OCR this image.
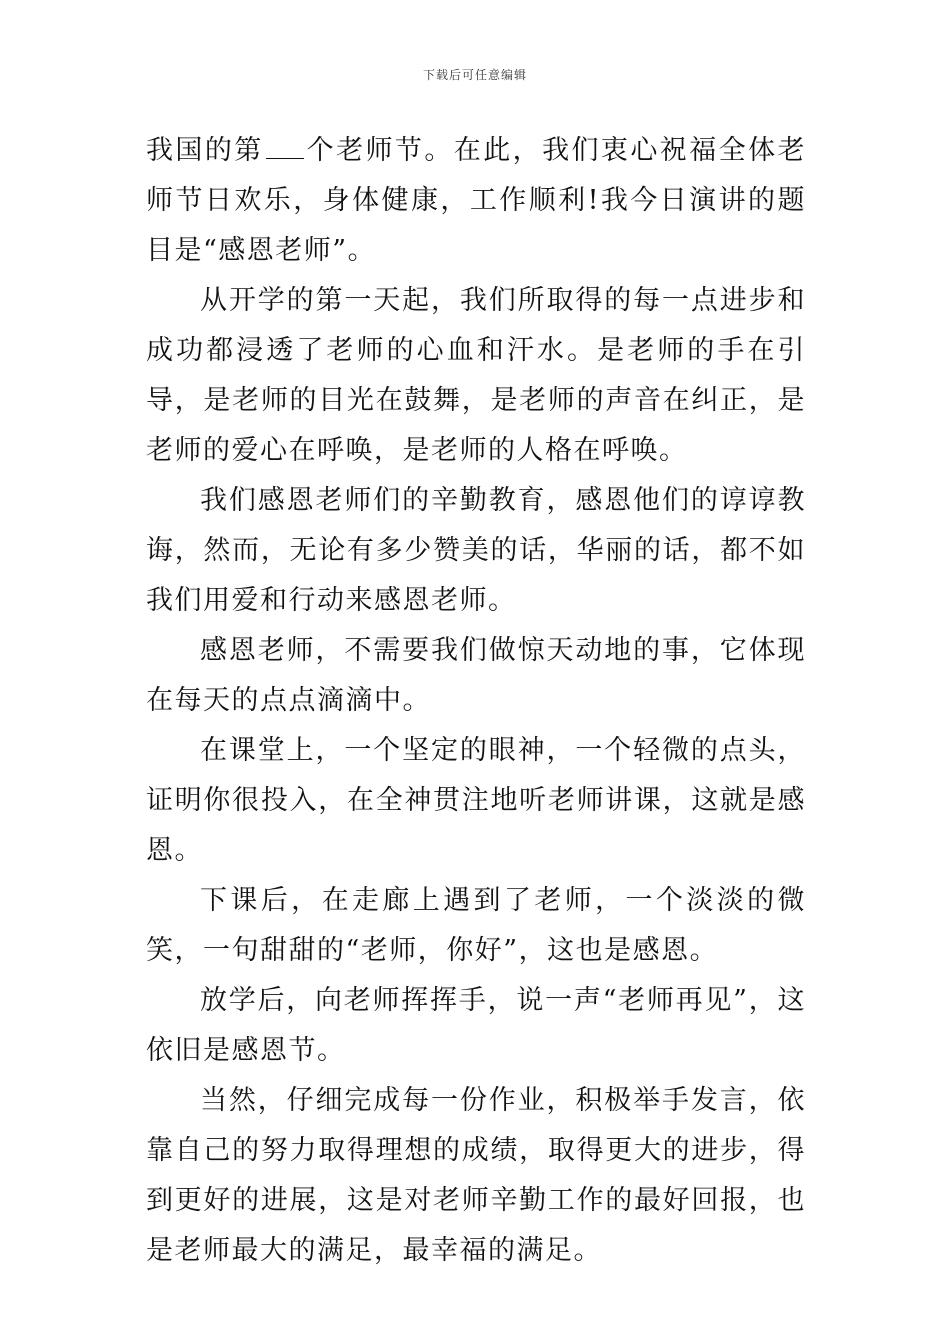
下载后可任意编辑

我国的第 个老师节。在此，我们衷心祝福全体老师节日欢乐，身体健康，工作顺利!我今日演讲的题目是“感恩老师”。

从开学的第一天起，我们所取得的每一点进步和成功都浸透了老师的心血和汗水。是老师的手在引导，是老师的目光在鼓舞，是老师的声音在纠正，是老师的爱心在呼唤，是老师的人格在呼唤。

我们感恩老师们的辛勤教育，感恩他们的谆谆教诲，然而，无论有多少赞美的话，华丽的话，都不如我们用爱和行动来感恩老师。

感恩老师，不需要我们做惊天动地的事，它体现在每天的点点滴滴中。

在课堂上，一个坚定的眼神，一个轻微的点头，证明你很投入，在全神贯注地听老师讲课，这就是感恩。

下课后，在走廊上遇到了老师，一个淡淡的微笑，一句甜甜的“老师，你好”，这也是感恩。

放学后，向老师挥挥手，说一声“老师再见”，这依旧是感恩节。

当然，仔细完成每一份作业，积极举手发言，依靠自己的努力取得理想的成绩，取得更大的进步，得到更好的进展，这是对老师辛勤工作的最好回报，也是老师最大的满足，最幸福的满足。
